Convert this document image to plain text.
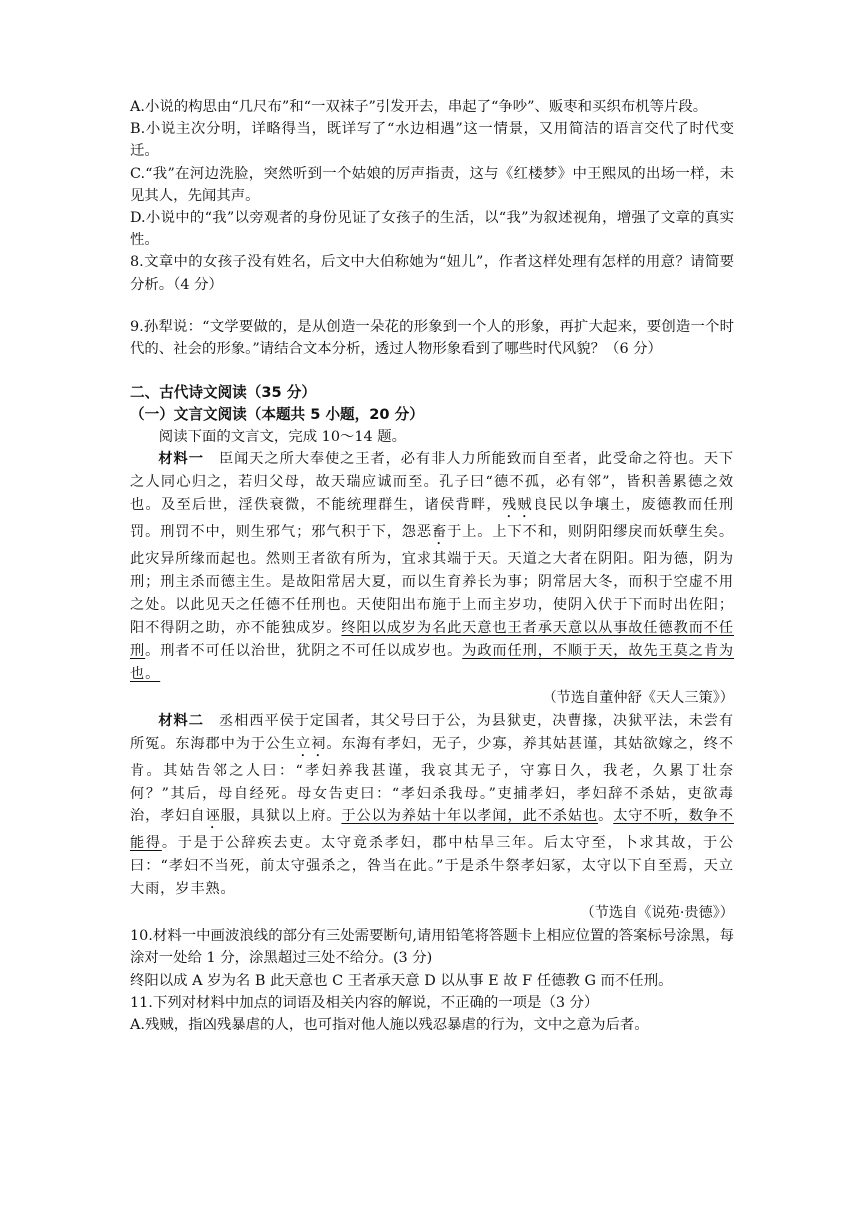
A.小说的构思由“几尺布”和“一双袜子”引发开去，串起了“争吵”、贩枣和买织布机等片段。

B.小说主次分明，详略得当，既详写了“水边相遇”这一情景，又用简洁的语言交代了时代变迁。

C.“我”在河边洗脸，突然听到一个姑娘的厉声指责，这与《红楼梦》中王熙凤的出场一样，未见其人，先闻其声。

D.小说中的“我”以旁观者的身份见证了女孩子的生活，以“我”为叙述视角，增强了文章的真实性。

8.文章中的女孩子没有姓名，后文中大伯称她为“妞儿”，作者这样处理有怎样的用意？请简要分析。（4 分）

9.孙犁说：“文学要做的，是从创造一朵花的形象到一个人的形象，再扩大起来，要创造一个时代的、社会的形象。”请结合文本分析，透过人物形象看到了哪些时代风貌？（6 分）

二、古代诗文阅读（35 分）

（一）文言文阅读（本题共 5 小题，20 分）

阅读下面的文言文，完成 10～14 题。

材料一　臣闻天之所大奉使之王者，必有非人力所能致而自至者，此受命之符也。天下之人同心归之，若归父母，故天瑞应诚而至。孔子曰“德不孤，必有邻”，皆积善累德之效也。及至后世，淫佚衰微，不能统理群生，诸侯背畔，残贼良民以争壤土，废德教而任刑罚。刑罚不中，则生邪气；邪气积于下，怨恶畜于上。上下不和，则阴阳缪戾而妖孽生矣。此灾异所缘而起也。然则王者欲有所为，宜求其端于天。天道之大者在阴阳。阳为德，阴为刑；刑主杀而德主生。是故阳常居大夏，而以生育养长为事；阴常居大冬，而积于空虚不用之处。以此见天之任德不任刑也。天使阳出布施于上而主岁功，使阴入伏于下而时出佐阳；阳不得阴之助，亦不能独成岁。终阳以成岁为名此天意也王者承天意以从事故任德教而不任刑。刑者不可任以治世，犹阴之不可任以成岁也。为政而任刑，不顺于天，故先王莫之肯为也。

（节选自董仲舒《天人三策》）

材料二　丞相西平侯于定国者，其父号曰于公，为县狱吏，决曹掾，决狱平法，未尝有所冤。东海郡中为于公生立祠。东海有孝妇，无子，少寡，养其姑甚谨，其姑欲嫁之，终不肯。其姑告邻之人曰：“孝妇养我甚谨，我哀其无子，守寡日久，我老，久累丁壮奈何？”其后，母自经死。母女告吏曰：“孝妇杀我母。”吏捕孝妇，孝妇辞不杀姑，吏欲毒治，孝妇自诬服，具狱以上府。于公以为养姑十年以孝闻，此不杀姑也。太守不听，数争不能得。于是于公辞疾去吏。太守竟杀孝妇，郡中枯旱三年。后太守至，卜求其故，于公曰：“孝妇不当死，前太守强杀之，咎当在此。”于是杀牛祭孝妇冢，太守以下自至焉，天立大雨，岁丰熟。

（节选自《说苑·贵德》）

10.材料一中画波浪线的部分有三处需要断句,请用铅笔将答题卡上相应位置的答案标号涂黑，每涂对一处给 1 分，涂黑超过三处不给分。(3 分)

终阳以成 A 岁为名 B 此天意也 C 王者承天意 D 以从事 E 故 F 任德教 G 而不任刑。

11.下列对材料中加点的词语及相关内容的解说，不正确的一项是（3 分）

A.残贼，指凶残暴虐的人，也可指对他人施以残忍暴虐的行为，文中之意为后者。
